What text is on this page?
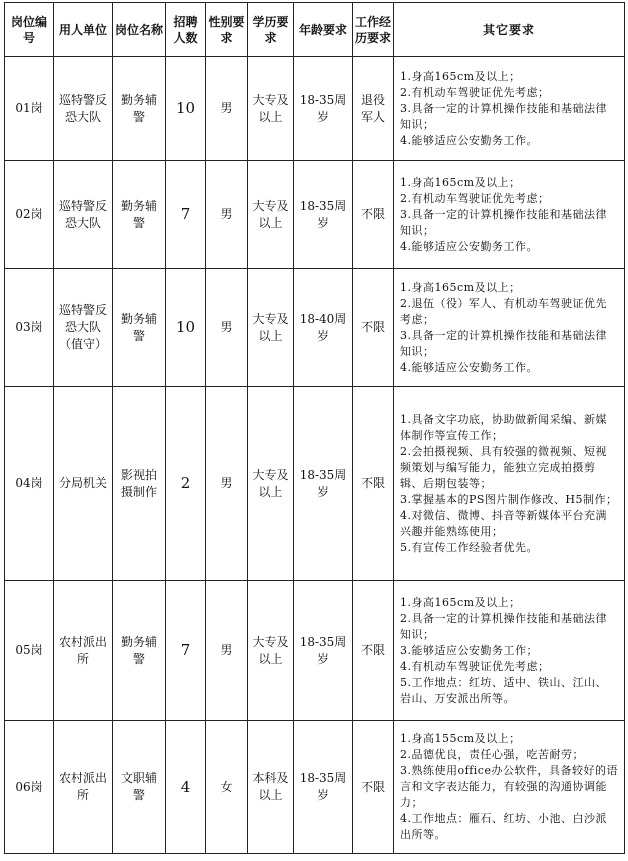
岗位编号	用人单位	岗位名称	招聘人数	性别要求	学历要求	年龄要求	工作经历要求	其它要求
01岗	巡特警反恐大队	勤务辅警	10	男	大专及以上	18-35周岁	退役军人	1.身高165cm及以上；
2.有机动车驾驶证优先考虑；
3.具备一定的计算机操作技能和基础法律知识；
4.能够适应公安勤务工作。

02岗	巡特警反恐大队	勤务辅警	7	男	大专及以上	18-35周岁	不限	1.身高165cm及以上；
2.有机动车驾驶证优先考虑；
3.具备一定的计算机操作技能和基础法律知识；
4.能够适应公安勤务工作。

03岗	巡特警反恐大队（值守）	勤务辅警	10	男	大专及以上	18-40周岁	不限	1.身高165cm及以上；
2.退伍（役）军人、有机动车驾驶证优先考虑；
3.具备一定的计算机操作技能和基础法律知识；
4.能够适应公安勤务工作。

04岗	分局机关	影视拍摄制作	2	男	大专及以上	18-35周岁	不限	1.具备文字功底，协助做新闻采编、新媒体制作等宣传工作；
2.会拍摄视频、具有较强的微视频、短视频策划与编写能力，能独立完成拍摄剪辑、后期包装等；
3.掌握基本的PS图片制作修改、H5制作；
4.对微信、微博、抖音等新媒体平台充满兴趣并能熟练使用；
5.有宣传工作经验者优先。

05岗	农村派出所	勤务辅警	7	男	大专及以上	18-35周岁	不限	1.身高165cm及以上；
2.具备一定的计算机操作技能和基础法律知识；
3.能够适应公安勤务工作；
4.有机动车驾驶证优先考虑；
5.工作地点：红坊、适中、铁山、江山、岩山、万安派出所等。

06岗	农村派出所	文职辅警	4	女	本科及以上	18-35周岁	不限	1.身高155cm及以上；
2.品德优良，责任心强，吃苦耐劳；
3.熟练使用office办公软件，具备较好的语言和文字表达能力，有较强的沟通协调能力；
4.工作地点：雁石、红坊、小池、白沙派出所等。
